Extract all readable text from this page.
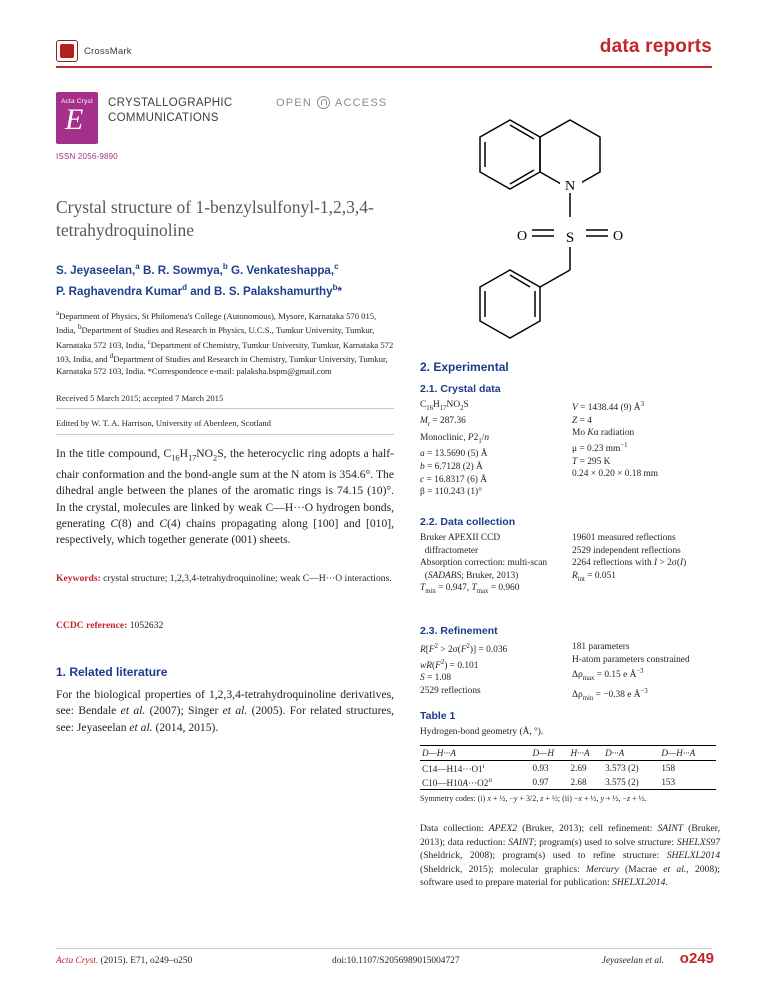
CrossMark	data reports
Acta Cryst
E CRYSTALLOGRAPHIC
COMMUNICATIONS
ISSN 2056-9890
OPEN ACCESS
Crystal structure of 1-benzylsulfonyl-1,2,3,4-tetrahydroquinoline
S. Jeyaseelan,$^a$ B. R. Sowmya,$^b$ G. Venkateshappa,$^c$
P. Raghavendra Kumar$^d$ and B. S. Palakshamurthy$^b$*
$^a$Department of Physics, St Philomena's College (Autonomous), Mysore, Karnataka 570 015, India, $^b$Department of Studies and Research in Physics, U.C.S., Tumkur University, Tumkur, Karnataka 572 103, India, $^c$Department of Chemistry, Tumkur University, Tumkur, Karnataka 572 103, India, and $^d$Department of Studies and Research in Chemistry, Tumkur University, Tumkur, Karnataka 572 103, India. *Correspondence e-mail: palaksha.bspm@gmail.com
Received 5 March 2015; accepted 7 March 2015
Edited by W. T. A. Harrison, University of Aberdeen, Scotland
In the title compound, $C_{16}H_{17}NO_2S$, the heterocyclic ring adopts a half-chair conformation and the bond-angle sum at the N atom is 354.6°. The dihedral angle between the planes of the aromatic rings is 74.15 (10)°. In the crystal, molecules are linked by weak C—H···O hydrogen bonds, generating C(8) and C(4) chains propagating along [100] and [010], respectively, which together generate (001) sheets.
Keywords: crystal structure; 1,2,3,4-tetrahydroquinoline; weak C—H···O interactions.
CCDC reference: 1052632
1. Related literature
For the biological properties of 1,2,3,4-tetrahydroquinoline derivatives, see: Bendale et al. (2007); Singer et al. (2005). For related structures, see: Jeyaseelan et al. (2014, 2015).
N
S
O	O
2. Experimental
2.1. Crystal data
$C_{16}H_{17}NO_2S$
$M_r = 287.36$
Monoclinic, $P2_1/n$
a = 13.5690 (5) Å
b = 6.7128 (2) Å
c = 16.8317 (6) Å
β = 110.243 (1)°
V = 1438.44 (9) $Å^3$
Z = 4
Mo Kα radiation
μ = 0.23 $mm^{-1}$
T = 295 K
0.24 × 0.20 × 0.18 mm
2.2. Data collection
Bruker APEXII CCD
diffractometer
Absorption correction: multi-scan
(SADABS; Bruker, 2013)
$T_{min} = 0.947$, $T_{max} = 0.960$
19601 measured reflections
2529 independent reflections
2264 reflections with I > 2σ(I)
$R_{int} = 0.051$
2.3. Refinement
$R[F^2 > 2\sigma(F^2)] = 0.036$
$wR(F^2) = 0.101$
S = 1.08
2529 reflections
181 parameters
H-atom parameters constrained
$\Delta\rho_{max} = 0.15$ e $Å^{-3}$
$\Delta\rho_{min} = -0.38$ e $Å^{-3}$
Table 1
Hydrogen-bond geometry (Å, °).
D—H···A	D—H	H···A	D···A	D—H···A
$C14—H14\cdot\cdot\cdot O1^i$	0.93	2.69	3.573 (2)	158
$C10—H10A\cdot\cdot\cdot O2^{ii}$	0.97	2.68	3.575 (2)	153
Symmetry codes: (i) x + ½, −y + 3/2, z + ½; (ii) −x + ½, y + ½, −z + ½.
Data collection: APEX2 (Bruker, 2013); cell refinement: SAINT (Bruker, 2013); data reduction: SAINT; program(s) used to solve structure: SHELXS97 (Sheldrick, 2008); program(s) used to refine structure: SHELXL2014 (Sheldrick, 2015); molecular graphics: Mercury (Macrae et al., 2008); software used to prepare material for publication: SHELXL2014.
Acta Cryst. (2015). E71, o249–o250	doi:10.1107/S2056989015004727	Jeyaseelan et al. o249
